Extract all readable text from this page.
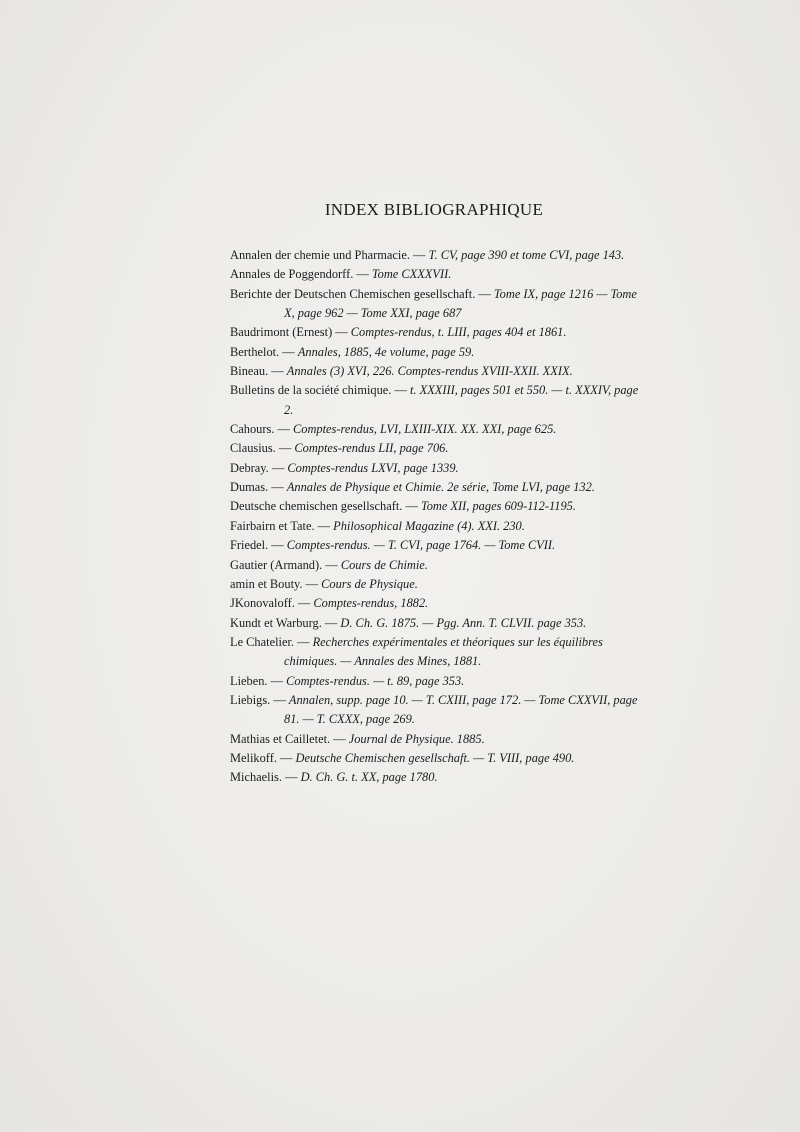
INDEX BIBLIOGRAPHIQUE

Annalen der chemie und Pharmacie. — T. CV, page 390 et tome CVI, page 143.

Annales de Poggendorff. — Tome CXXXVII.

Berichte der Deutschen Chemischen gesellschaft. — Tome IX, page 1216 — Tome X, page 962 — Tome XXI, page 687

Baudrimont (Ernest) — Comptes-rendus, t. LIII, pages 404 et 1861.

Berthelot. — Annales, 1885, 4e volume, page 59.

Bineau. — Annales (3) XVI, 226. Comptes-rendus XVIII-XXII. XXIX.

Bulletins de la société chimique. — t. XXXIII, pages 501 et 550. — t. XXXIV, page 2.

Cahours. — Comptes-rendus, LVI, LXIII-XIX. XX. XXI, page 625.

Clausius. — Comptes-rendus LII, page 706.

Debray. — Comptes-rendus LXVI, page 1339.

Dumas. — Annales de Physique et Chimie. 2e série, Tome LVI, page 132.

Deutsche chemischen gesellschaft. — Tome XII, pages 609-112-1195.

Fairbairn et Tate. — Philosophical Magazine (4). XXI. 230.

Friedel. — Comptes-rendus. — T. CVI, page 1764. — Tome CVII.

Gautier (Armand). — Cours de Chimie.

amin et Bouty. — Cours de Physique.

JKonovaloff. — Comptes-rendus, 1882.

Kundt et Warburg. — D. Ch. G. 1875. — Pgg. Ann. T. CLVII. page 353.

Le Chatelier. — Recherches expérimentales et théoriques sur les équilibres chimiques. — Annales des Mines, 1881.

Lieben. — Comptes-rendus. — t. 89, page 353.

Liebigs. — Annalen, supp. page 10. — T. CXIII, page 172. — Tome CXXVII, page 81. — T. CXXX, page 269.

Mathias et Cailletet. — Journal de Physique. 1885.

Melikoff. — Deutsche Chemischen gesellschaft. — T. VIII, page 490.

Michaelis. — D. Ch. G. t. XX, page 1780.
